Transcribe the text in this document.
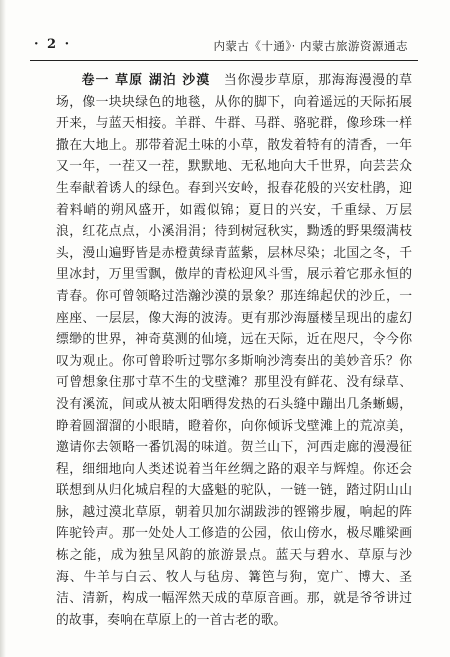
· 2 ·	内蒙古《十通》· 内蒙古旅游资源通志

卷一 草原 湖泊 沙漠   当你漫步草原，那海海漫漫的草场，像一块块绿色的地毯，从你的脚下，向着遥远的天际拓展开来，与蓝天相接。羊群、牛群、马群、骆驼群，像珍珠一样撒在大地上。那带着泥土味的小草，散发着特有的清香，一年又一年，一茬又一茬，默默地、无私地向大千世界，向芸芸众生奉献着诱人的绿色。春到兴安岭，报春花般的兴安杜鹃，迎着料峭的朔风盛开，如霞似锦；夏日的兴安，千重绿、万层浪，红花点点，小溪涓涓；待到树冠秋实，黝透的野果缀满枝头，漫山遍野皆是赤橙黄绿青蓝紫，层林尽染；北国之冬，千里冰封，万里雪飘，傲岸的青松迎风斗雪，展示着它那永恒的青春。你可曾领略过浩瀚沙漠的景象？那连绵起伏的沙丘，一座座、一层层，像大海的波涛。更有那沙海蜃楼呈现出的虚幻缥缈的世界，神奇莫测的仙境，远在天际，近在咫尺，令今你叹为观止。你可曾聆听过鄂尔多斯响沙湾奏出的美妙音乐？你可曾想象住那寸草不生的戈壁滩？那里没有鲜花、没有绿草、没有溪流，间或从被太阳晒得发热的石头缝中蹦出几条蜥蜴，睁着圆溜溜的小眼睛，瞪着你，向你倾诉戈壁滩上的荒凉美，邀请你去领略一番饥渴的味道。贺兰山下，河西走廊的漫漫征程，细细地向人类述说着当年丝绸之路的艰辛与辉煌。你还会联想到从归化城启程的大盛魁的驼队，一链一链，踏过阴山山脉，越过漠北草原，朝着贝加尔湖跋涉的铿锵步履，响起的阵阵驼铃声。那一处处人工修造的公园，依山傍水，极尽雕梁画栋之能，成为独呈风韵的旅游景点。蓝天与碧水、草原与沙海、牛羊与白云、牧人与毡房、篝笆与狗，宽广、博大、圣洁、清新，构成一幅浑然天成的草原音画。那，就是爷爷讲过的故事，奏响在草原上的一首古老的歌。
